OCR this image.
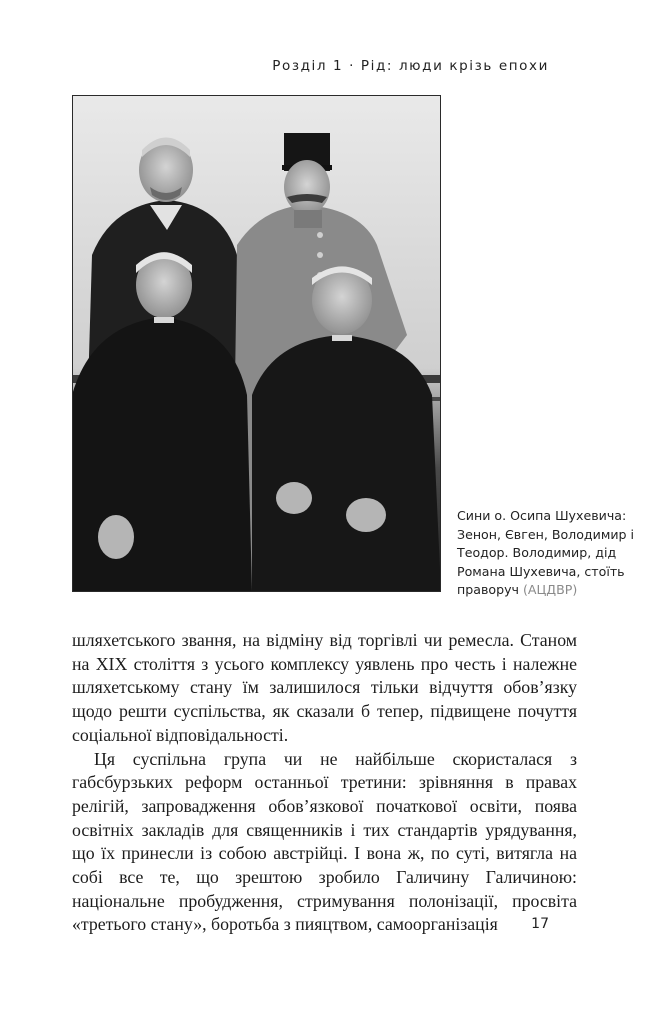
Розділ 1 · Рід: люди крізь епохи
Сини о. Осипа Шухевича: Зенон, Євген, Володимир і Теодор. Володимир, дід Романа Шухевича, стоїть праворуч (АЦДВР)

шляхетського звання, на відміну від торгівлі чи ремесла. Станом на XIX століття з усього комплексу уявлень про честь і належне шляхетському стану їм залишилося тільки відчуття обов’язку щодо решти суспільства, як сказали б тепер, підвищене почуття соціальної відповідальності.

Ця суспільна група чи не найбільше скористалася з габсбурзьких реформ останньої третини: зрівняння в правах релігій, запровадження обов’язкової початкової освіти, поява освітніх закладів для священників і тих стандартів урядування, що їх принесли із собою австрійці. І вона ж, по суті, витягла на собі все те, що зрештою зробило Галичину Галичиною: національне пробудження, стримування полонізації, просвіта «третього стану», боротьба з пияцтвом, самоорганізація	17
